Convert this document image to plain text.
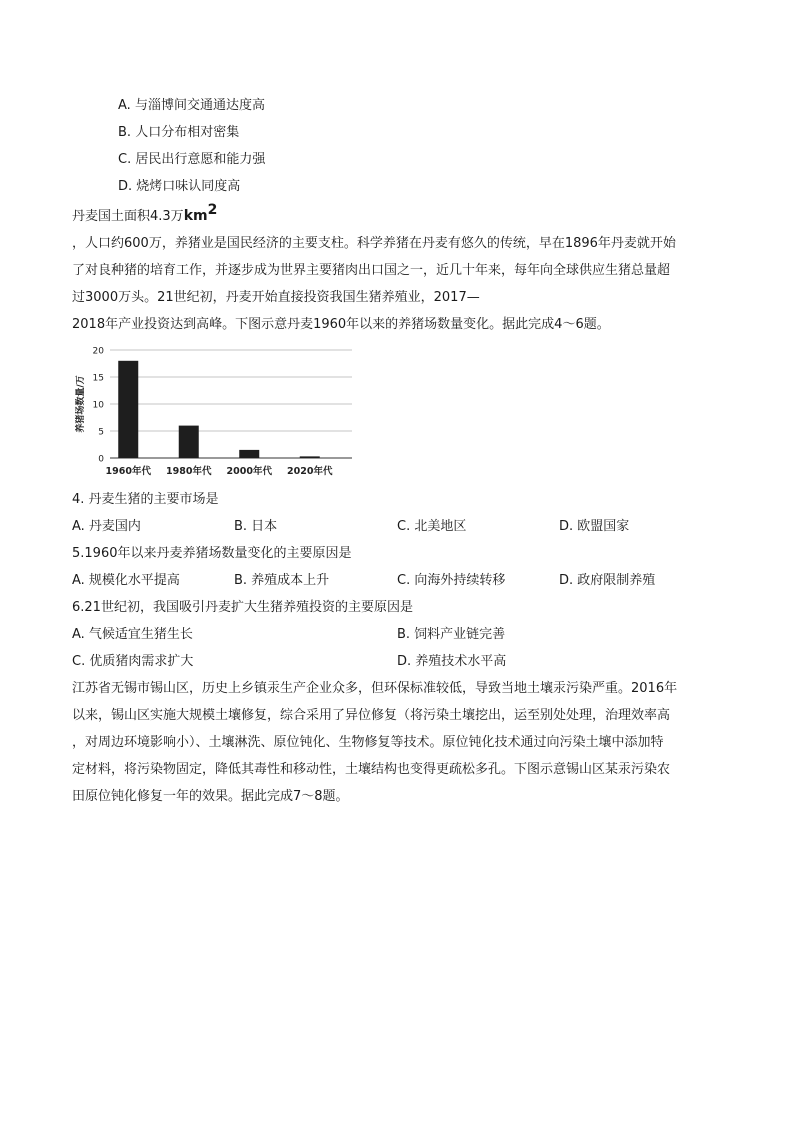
A. 与淄博间交通通达度高
B. 人口分布相对密集
C. 居民出行意愿和能力强
D. 烧烤口味认同度高
丹麦国土面积4.3万km2
，人口约600万，养猪业是国民经济的主要支柱。科学养猪在丹麦有悠久的传统，早在1896年丹麦就开始
了对良种猪的培育工作，并逐步成为世界主要猪肉出口国之一，近几十年来，每年向全球供应生猪总量超
过3000万头。21世纪初，丹麦开始直接投资我国生猪养殖业，2017—
2018年产业投资达到高峰。下图示意丹麦1960年以来的养猪场数量变化。据此完成4～6题。
0
5
10
15
20
养猪场数量/万
1960年代 1980年代 2000年代 2020年代
4. 丹麦生猪的主要市场是
A. 丹麦国内	B. 日本	C. 北美地区	D. 欧盟国家
5.1960年以来丹麦养猪场数量变化的主要原因是
A. 规模化水平提高	B. 养殖成本上升	C. 向海外持续转移	D. 政府限制养殖
6.21世纪初，我国吸引丹麦扩大生猪养殖投资的主要原因是
A. 气候适宜生猪生长	B. 饲料产业链完善
C. 优质猪肉需求扩大	D. 养殖技术水平高
江苏省无锡市锡山区，历史上乡镇汞生产企业众多，但环保标准较低，导致当地土壤汞污染严重。2016年
以来，锡山区实施大规模土壤修复，综合采用了异位修复（将污染土壤挖出，运至别处处理，治理效率高
，对周边环境影响小）、土壤淋洗、原位钝化、生物修复等技术。原位钝化技术通过向污染土壤中添加特
定材料，将污染物固定，降低其毒性和移动性，土壤结构也变得更疏松多孔。下图示意锡山区某汞污染农
田原位钝化修复一年的效果。据此完成7～8题。
